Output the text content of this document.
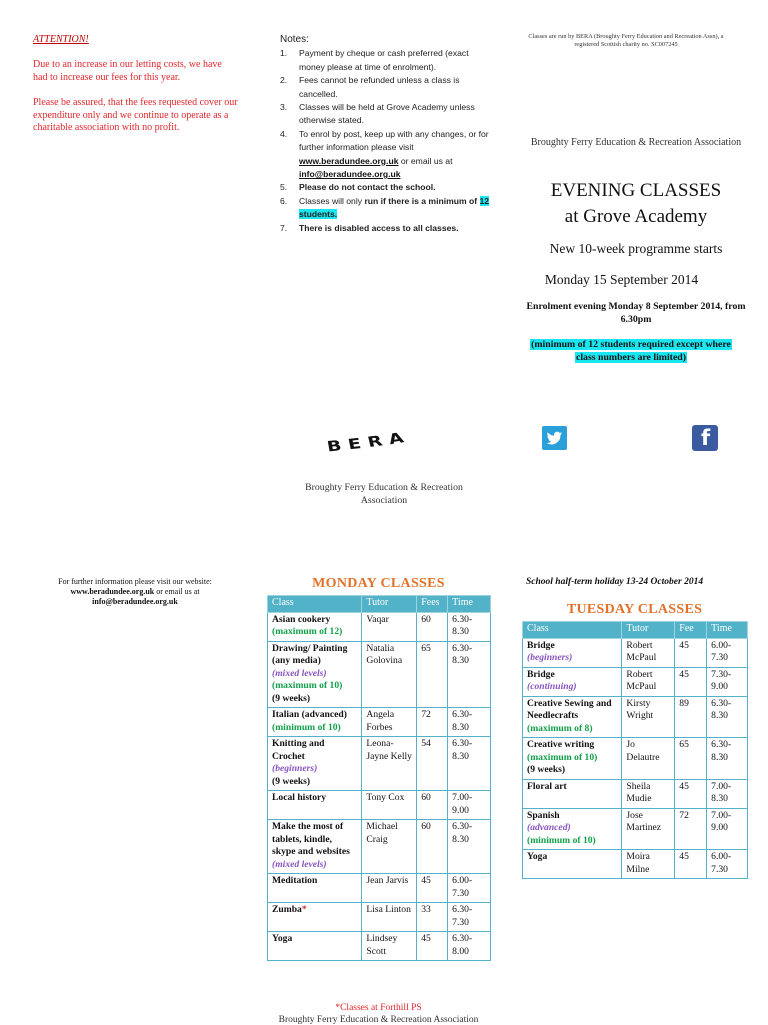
ATTENTION!
Due to an increase in our letting costs, we have had to increase our fees for this year.
Please be assured, that the fees requested cover our expenditure only and we continue to operate as a charitable association with no profit.
Notes:
1. Payment by cheque or cash preferred (exact money please at time of enrolment).
2. Fees cannot be refunded unless a class is cancelled.
3. Classes will be held at Grove Academy unless otherwise stated.
4. To enrol by post, keep up with any changes, or for further information please visit www.beradundee.org.uk or email us at info@beradundee.org.uk
5. Please do not contact the school.
6. Classes will only run if there is a minimum of 12 students.
7. There is disabled access to all classes.
Classes are run by BERA (Broughty Ferry Education and Recreation Assn), a registered Scottish charity no. SC007245
Broughty Ferry Education & Recreation Association
EVENING CLASSES
at Grove Academy
New 10-week programme starts
Monday 15 September 2014
Enrolment evening Monday 8 September 2014, from 6.30pm
(minimum of 12 students required except where class numbers are limited)
BERA	f
Broughty Ferry Education & Recreation Association
For further information please visit our website:
www.beradundee.org.uk or email us at
info@beradundee.org.uk
MONDAY CLASSES
Class	Tutor	Fees	Time
Asian cookery
(maximum of 12)	Vaqar	60	6.30-8.30
Drawing/ Painting (any media)
(mixed levels)
(maximum of 10)
(9 weeks)	Natalia Golovina	65	6.30-8.30
Italian (advanced)
(minimum of 10)	Angela Forbes	72	6.30-8.30
Knitting and Crochet
(beginners)
(9 weeks)	Leona-Jayne Kelly	54	6.30-8.30
Local history	Tony Cox	60	7.00-9.00
Make the most of tablets, kindle, skype and websites
(mixed levels)	Michael Craig	60	6.30-8.30
Meditation	Jean Jarvis	45	6.00-7.30
Zumba*	Lisa Linton	33	6.30-7.30
Yoga	Lindsey Scott	45	6.30-8.00
School half-term holiday 13-24 October 2014
TUESDAY CLASSES
Class	Tutor	Fee	Time
Bridge
(beginners)	Robert McPaul	45	6.00-7.30
Bridge
(continuing)	Robert McPaul	45	7.30-9.00
Creative Sewing and Needlecrafts
(maximum of 8)	Kirsty Wright	89	6.30-8.30
Creative writing
(maximum of 10)
(9 weeks)	Jo Delautre	65	6.30-8.30
Floral art	Sheila Mudie	45	7.00-8.30
Spanish
(advanced)
(minimum of 10)	Jose Martinez	72	7.00-9.00
Yoga	Moira Milne	45	6.00-7.30
*Classes at Forthill PS
Broughty Ferry Education & Recreation Association
